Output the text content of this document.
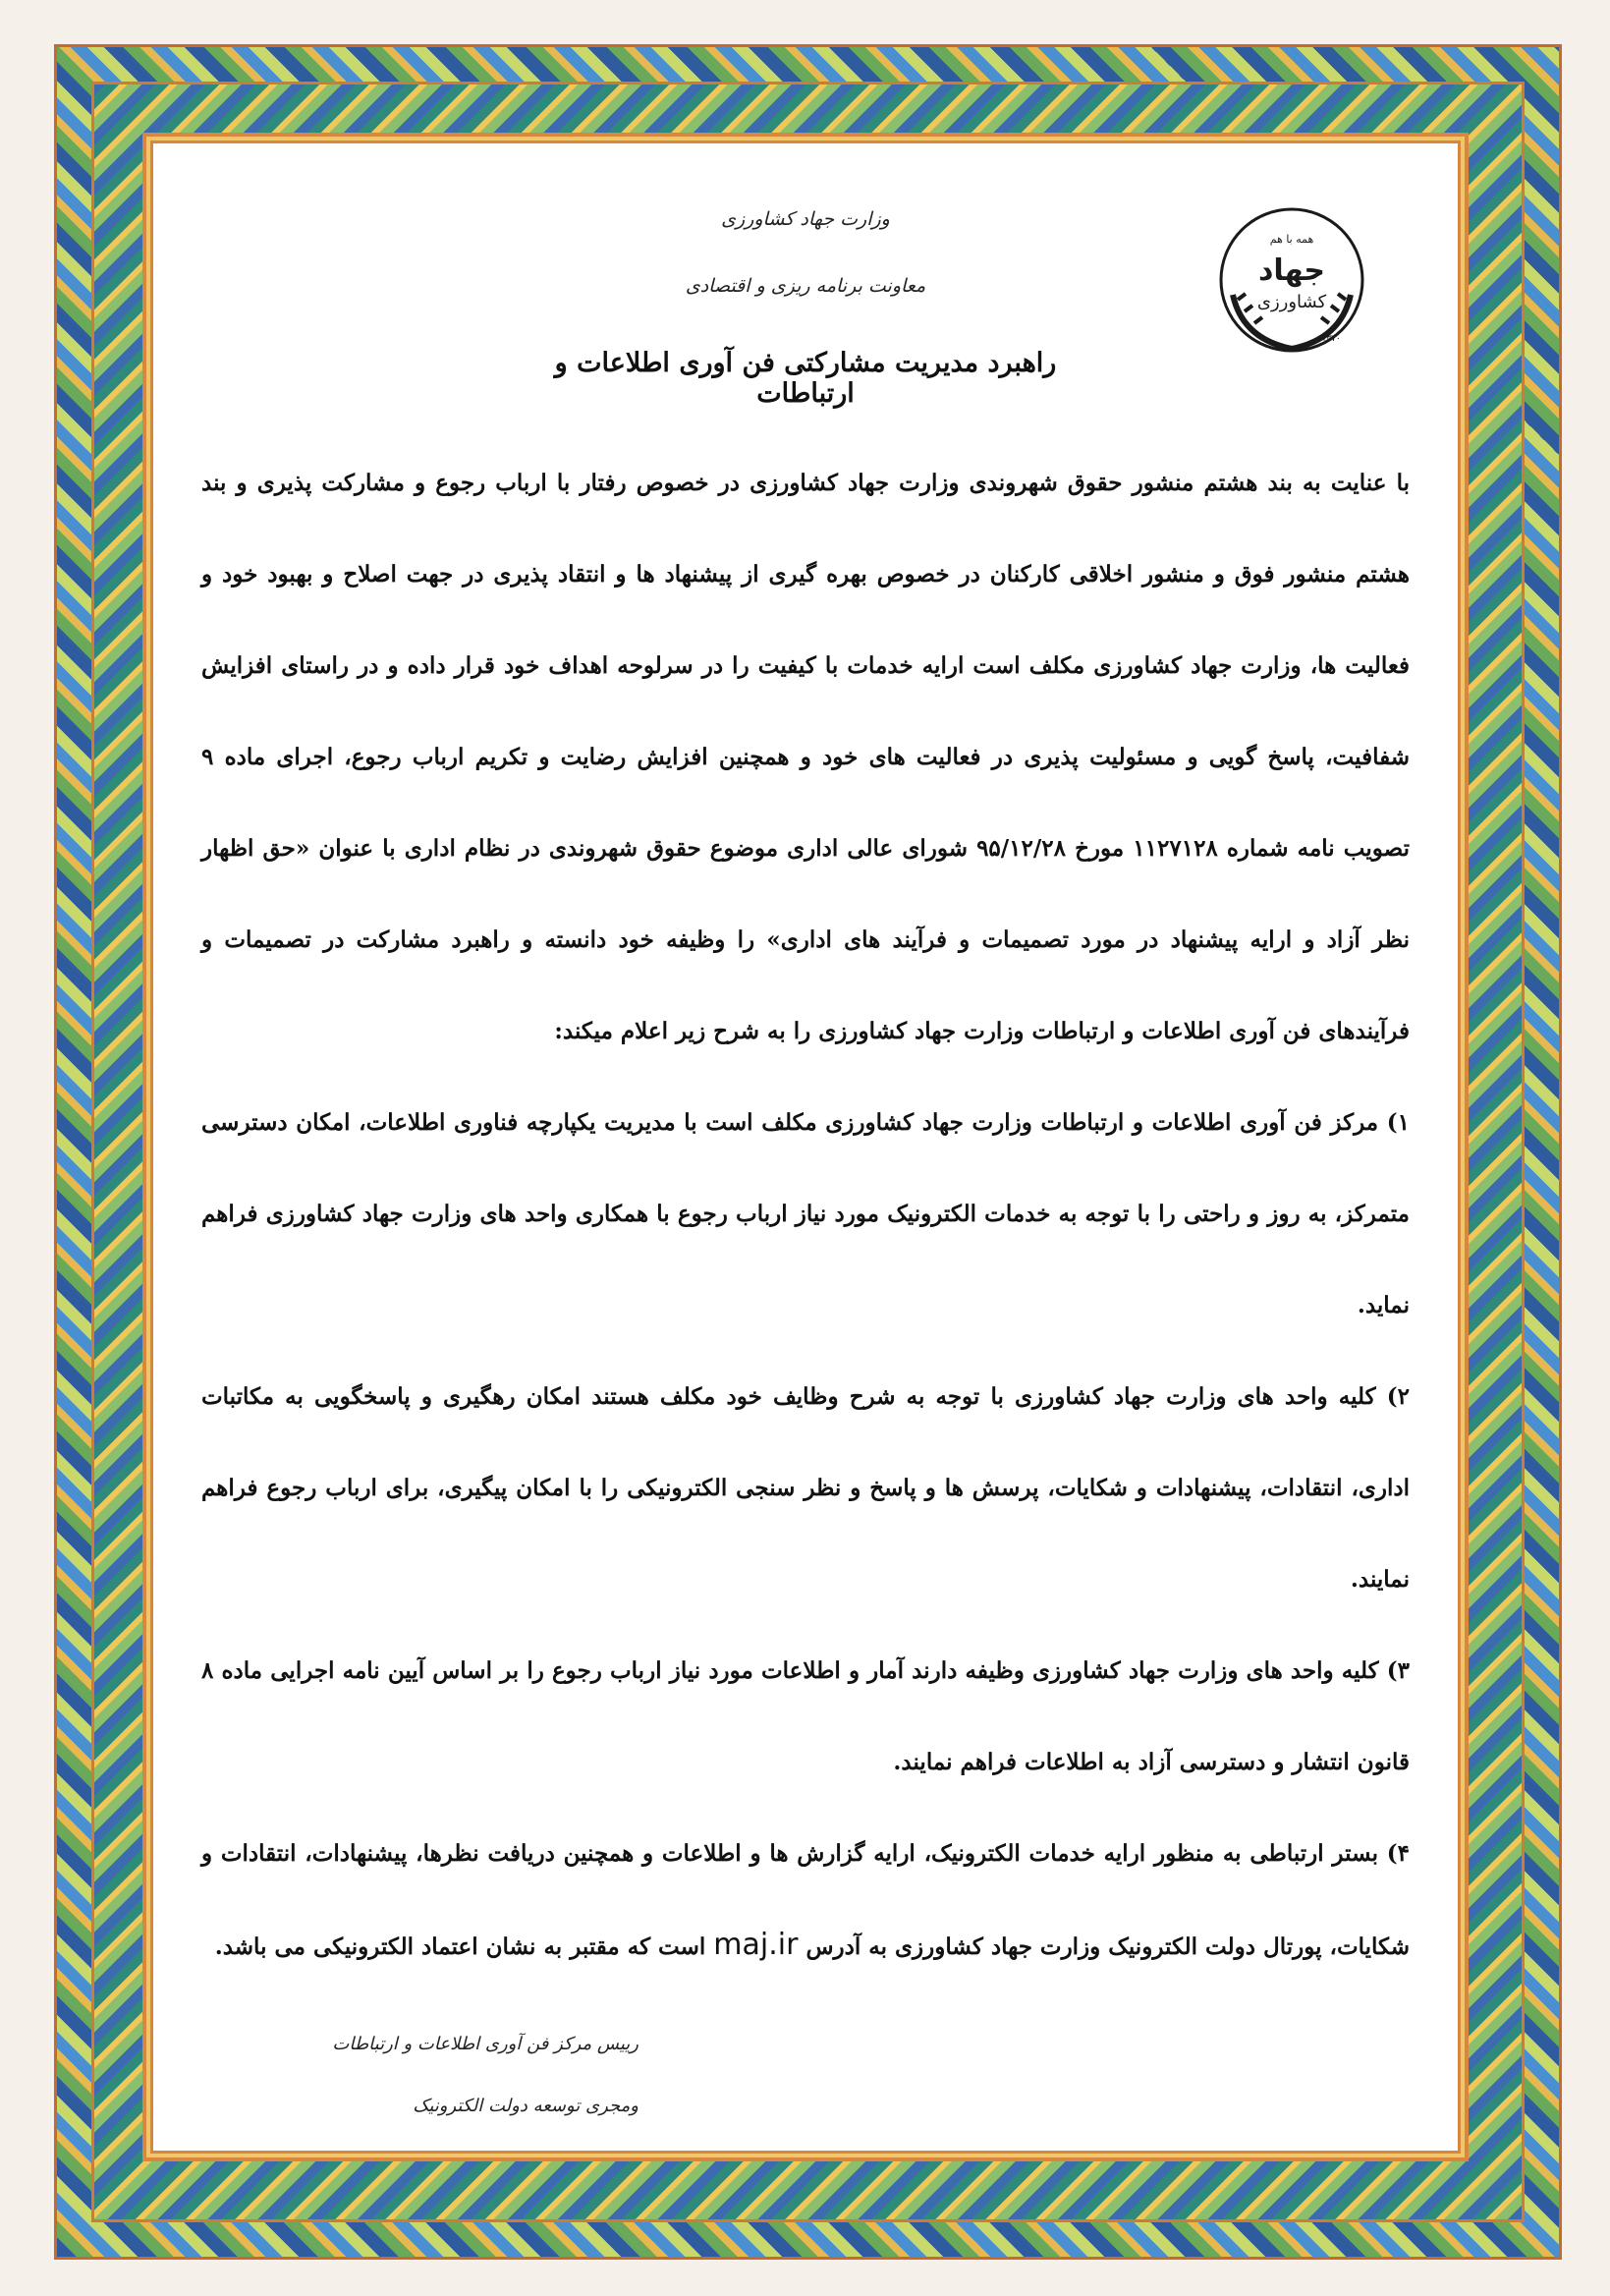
همه با هم
جهاد
کشاورزی
۱۳۷۰
وزارت جهاد کشاورزی
معاونت برنامه ریزی و اقتصادی
راهبرد مدیریت مشارکتی فن آوری اطلاعات و ارتباطات

با عنایت به بند هشتم منشور حقوق شهروندی وزارت جهاد کشاورزی در خصوص رفتار با ارباب رجوع و مشارکت پذیری و بند هشتم منشور فوق و منشور اخلاقی کارکنان در خصوص بهره گیری از پیشنهاد ها و انتقاد پذیری در جهت اصلاح و بهبود خود و فعالیت ها، وزارت جهاد کشاورزی مکلف است ارایه خدمات با کیفیت را در سرلوحه اهداف خود قرار داده و در راستای افزایش شفافیت، پاسخ گویی و مسئولیت پذیری در فعالیت های خود و همچنین افزایش رضایت و تکریم ارباب رجوع، اجرای ماده ۹ تصویب نامه شماره ۱۱۲۷۱۲۸ مورخ ۹۵/۱۲/۲۸ شورای عالی اداری موضوع حقوق شهروندی در نظام اداری با عنوان «حق اظهار نظر آزاد و ارایه پیشنهاد در مورد تصمیمات و فرآیند های اداری» را وظیفه خود دانسته و راهبرد مشارکت در تصمیمات و فرآیندهای فن آوری اطلاعات و ارتباطات وزارت جهاد کشاورزی را به شرح زیر اعلام میکند:

۱) مرکز فن آوری اطلاعات و ارتباطات وزارت جهاد کشاورزی مکلف است با مدیریت یکپارچه فناوری اطلاعات، امکان دسترسی متمرکز، به روز و راحتی را با توجه به خدمات الکترونیک مورد نیاز ارباب رجوع با همکاری واحد های وزارت جهاد کشاورزی فراهم نماید.

۲) کلیه واحد های وزارت جهاد کشاورزی با توجه به شرح وظایف خود مکلف هستند امکان رهگیری و پاسخگویی به مکاتبات اداری، انتقادات، پیشنهادات و شکایات، پرسش ها و پاسخ و نظر سنجی الکترونیکی را با امکان پیگیری، برای ارباب رجوع فراهم نمایند.

۳) کلیه واحد های وزارت جهاد کشاورزی وظیفه دارند آمار و اطلاعات مورد نیاز ارباب رجوع را بر اساس آیین نامه اجرایی ماده ۸ قانون انتشار و دسترسی آزاد به اطلاعات فراهم نمایند.

۴) بستر ارتباطی به منظور ارایه خدمات الکترونیک، ارایه گزارش ها و اطلاعات و همچنین دریافت نظرها، پیشنهادات، انتقادات و شکایات، پورتال دولت الکترونیک وزارت جهاد کشاورزی به آدرس maj.ir است که مقتبر به نشان اعتماد الکترونیکی می باشد.

رییس مرکز فن آوری اطلاعات و ارتباطات
ومجری توسعه دولت الکترونیک
